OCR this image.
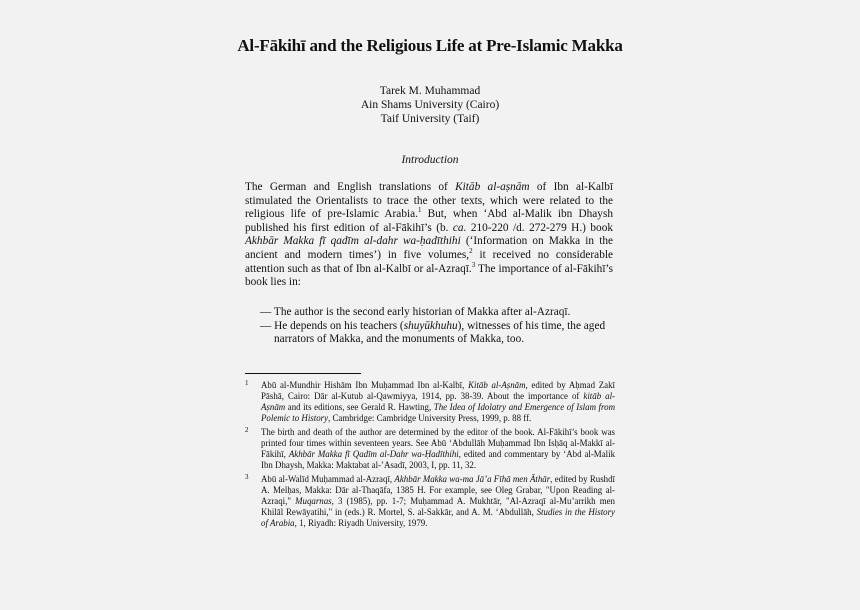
Al-Fākihī and the Religious Life at Pre-Islamic Makka
Tarek M. Muhammad
Ain Shams University (Cairo)
Taif University (Taif)
Introduction

The German and English translations of Kitāb al-aṣnām of Ibn al-Kalbī stimulated the Orientalists to trace the other texts, which were related to the religious life of pre-Islamic Arabia.$^1$ But, when ‘Abd al-Malik ibn Dhaysh published his first edition of al-Fākihī’s (b. ca. 210-220 /d. 272-279 H.) book Akhbār Makka fī qadīm al-dahr wa-ḥadīthihi (‘Information on Makka in the ancient and modern times’) in five volumes,$^2$ it received no considerable attention such as that of Ibn al-Kalbī or al-Azraqī.$^3$ The importance of al-Fākihī’s book lies in:

— The author is the second early historian of Makka after al-Azraqī.
— He depends on his teachers (shuyūkhuhu), witnesses of his time, the aged narrators of Makka, and the monuments of Makka, too.
1 Abū al-Mundhir Hishām Ibn Muḥammad Ibn al-Kalbī, Kitāb al-Aṣnām, edited by Aḥmad Zakī Pāshā, Cairo: Dār al-Kutub al-Qawmiyya, 1914, pp. 38-39. About the importance of kitāb al-Aṣnām and its editions, see Gerald R. Hawting, The Idea of Idolatry and Emergence of Islam from Polemic to History, Cambridge: Cambridge University Press, 1999, p. 88 ff.
2 The birth and death of the author are determined by the editor of the book. Al-Fākihī’s book was printed four times within seventeen years. See Abū ‘Abdullāh Muḥammad Ibn Isḥāq al-Makkī al-Fākihī, Akhbār Makka fī Qadīm al-Dahr wa-Ḥadīthihi, edited and commentary by ‘Abd al-Malik Ibn Dhaysh, Makka: Maktabat al-’Asadī, 2003, I, pp. 11, 32.
3 Abū al-Walīd Muḥammad al-Azraqī, Akhbār Makka wa-ma Jā’a Fīhā men Āthār, edited by Rushdī A. Melḥas, Makka: Dār al-Thaqāfa, 1385 H. For example, see Oleg Grabar, "Upon Reading al-Azraqi," Muqarnas, 3 (1985), pp. 1-7; Muḥammad A. Mukhtār, "Al-Azraqī al-Mu’arrikh men Khilāl Rewāyatihi," in (eds.) R. Mortel, S. al-Sakkār, and A. M. ‘Abdullāh, Studies in the History of Arabia, 1, Riyadh: Riyadh University, 1979.
